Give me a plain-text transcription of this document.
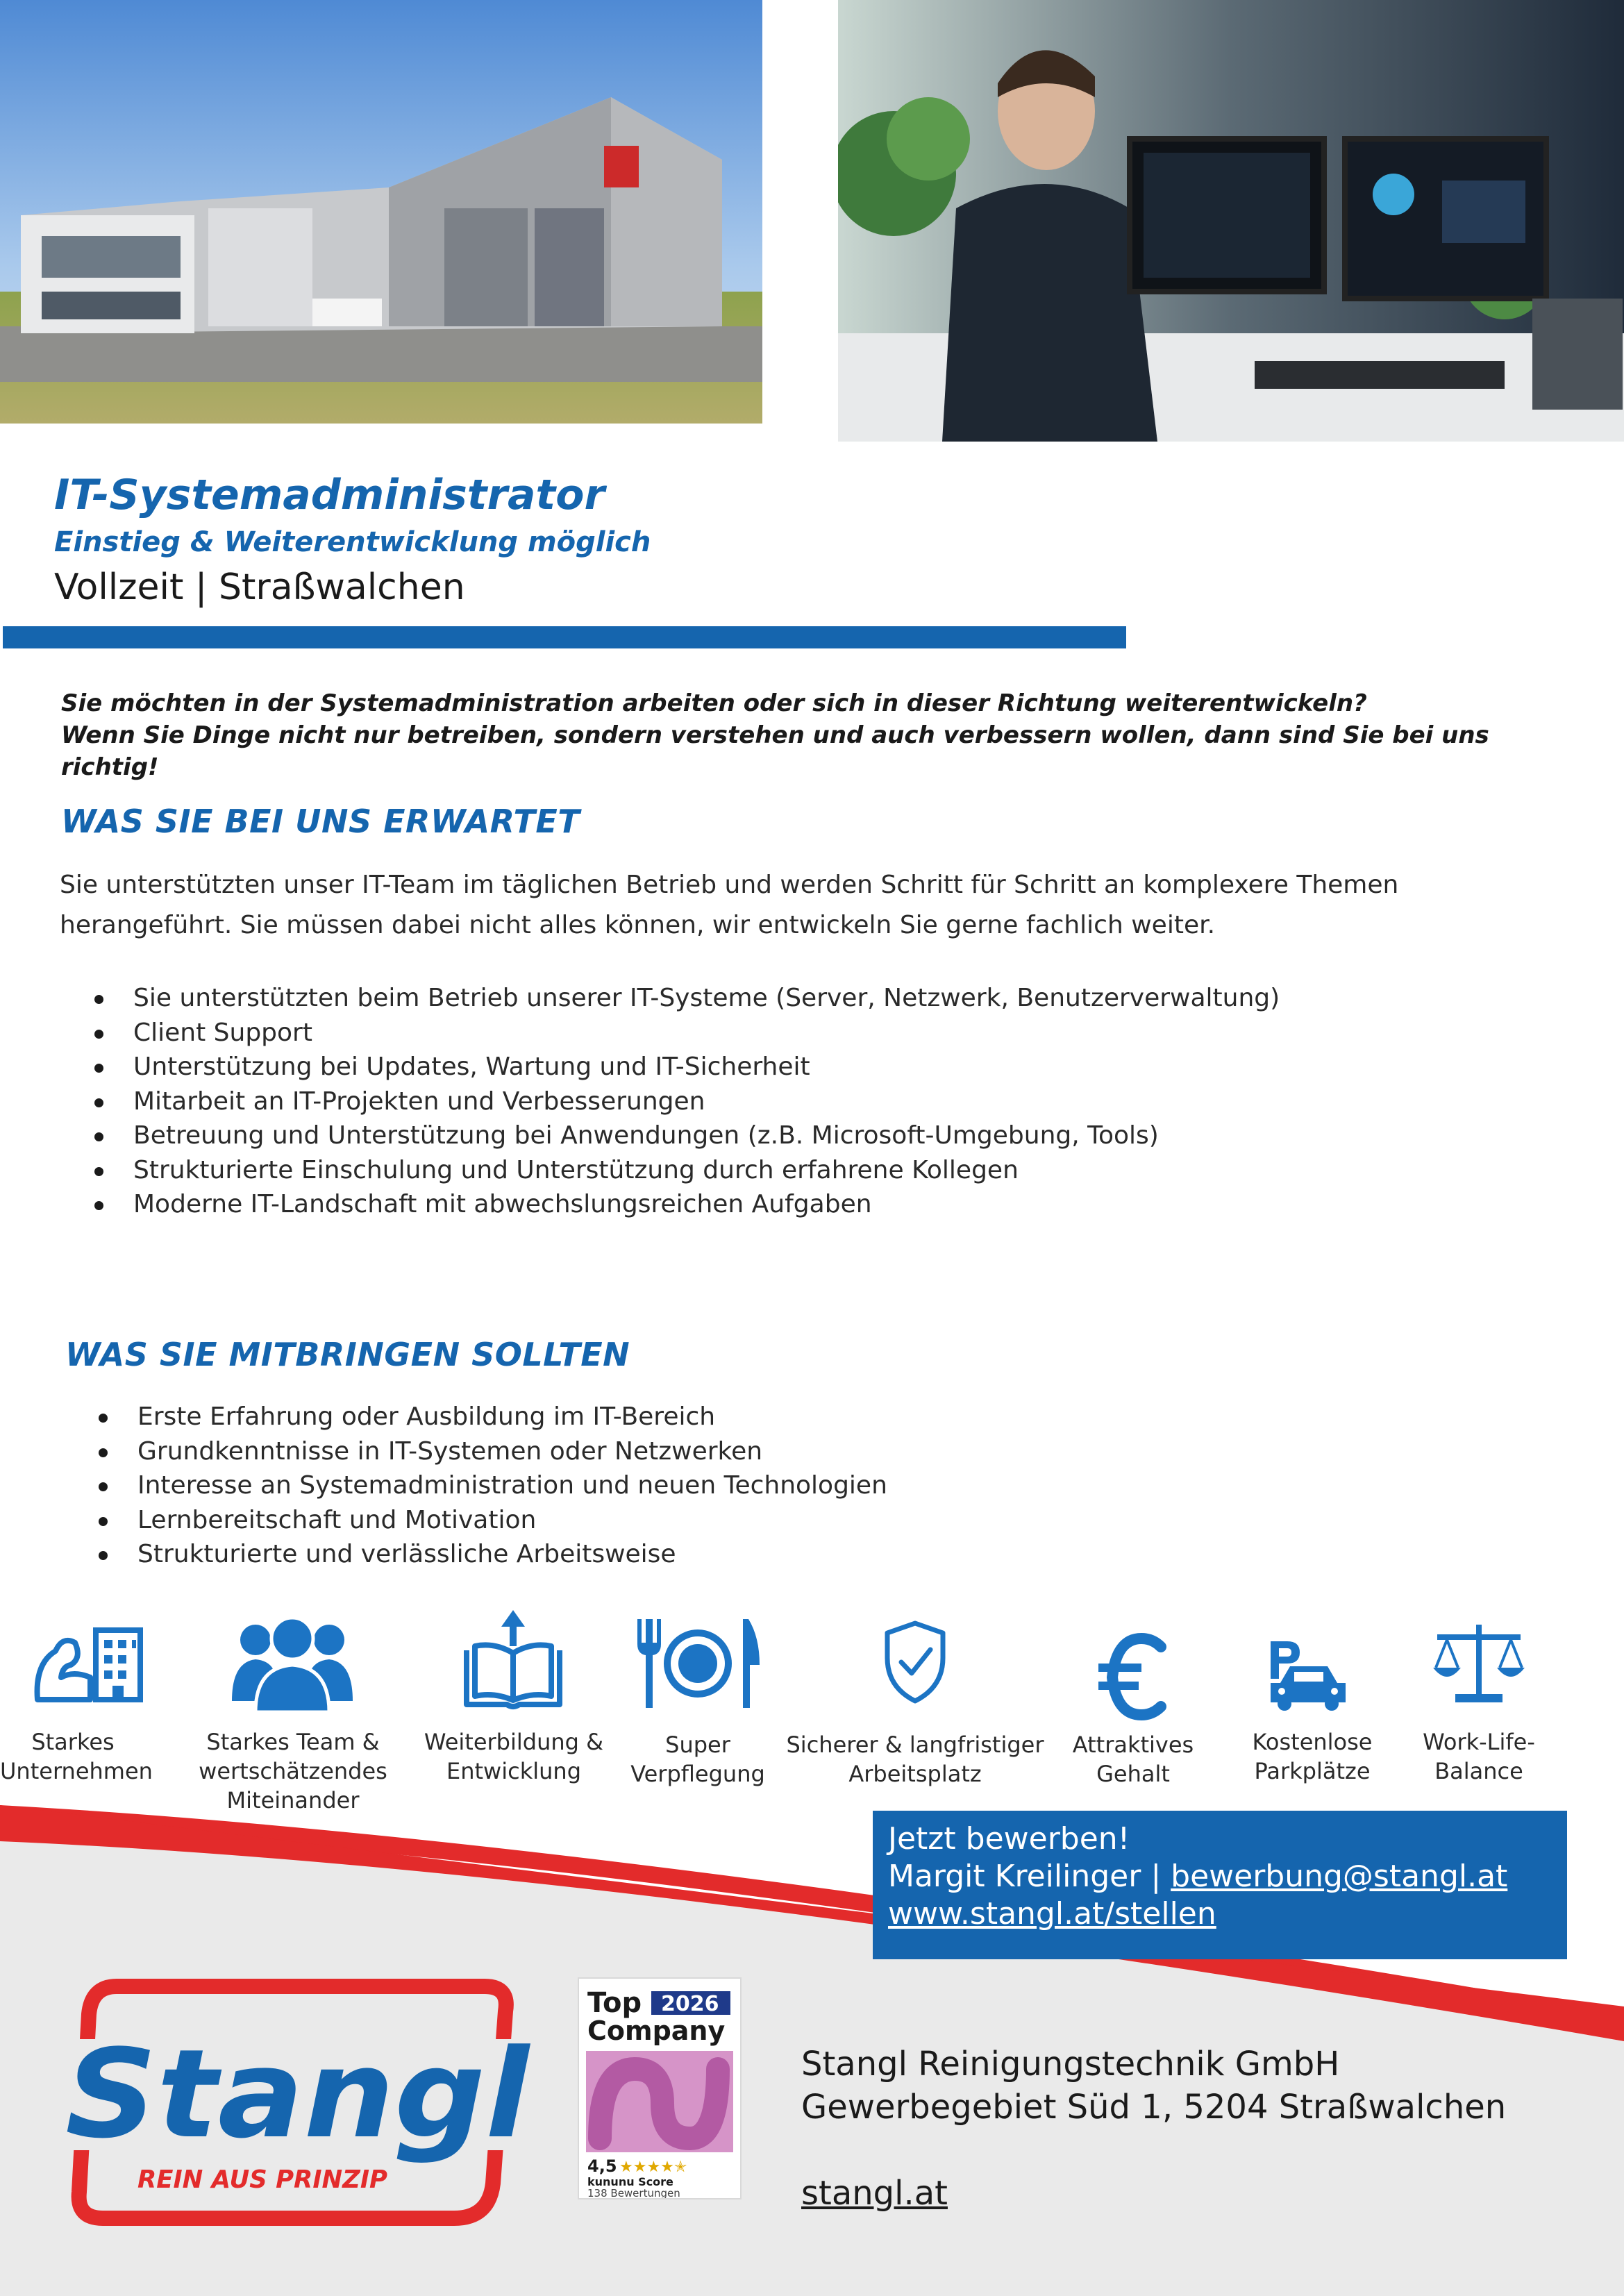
IT-Systemadministrator
Einstieg & Weiterentwicklung möglich
Vollzeit | Straßwalchen

Sie möchten in der Systemadministration arbeiten oder sich in dieser Richtung weiterentwickeln?

Wenn Sie Dinge nicht nur betreiben, sondern verstehen und auch verbessern wollen, dann sind Sie bei uns richtig!

WAS SIE BEI UNS ERWARTET

Sie unterstützten unser IT-Team im täglichen Betrieb und werden Schritt für Schritt an komplexere Themen herangeführt. Sie müssen dabei nicht alles können, wir entwickeln Sie gerne fachlich weiter.

Sie unterstützten beim Betrieb unserer IT-Systeme (Server, Netzwerk, Benutzerverwaltung)
Client Support
Unterstützung bei Updates, Wartung und IT-Sicherheit
Mitarbeit an IT-Projekten und Verbesserungen
Betreuung und Unterstützung bei Anwendungen (z.B. Microsoft-Umgebung, Tools)
Strukturierte Einschulung und Unterstützung durch erfahrene Kollegen
Moderne IT-Landschaft mit abwechslungsreichen Aufgaben
WAS SIE MITBRINGEN SOLLTEN
Erste Erfahrung oder Ausbildung im IT-Bereich
Grundkenntnisse in IT-Systemen oder Netzwerken
Interesse an Systemadministration und neuen Technologien
Lernbereitschaft und Motivation
Strukturierte und verlässliche Arbeitsweise
Starkes
Unternehmen
Starkes Team &
wertschätzendes
Miteinander
Weiterbildung &
Entwicklung
Super
Verpflegung
Sicherer & langfristiger
Arbeitsplatz
Attraktives
Gehalt
Kostenlose
Parkplätze
Work-Life-
Balance
Jetzt bewerben!
Margit Kreilinger | bewerbung@stangl.at
www.stangl.at/stellen
Stangl
REIN AUS PRINZIP
Top 2026
Company
4,5 ★★★★✭
kununu Score
138 Bewertungen
Stangl Reinigungstechnik GmbH
Gewerbegebiet Süd 1, 5204 Straßwalchen
stangl.at
